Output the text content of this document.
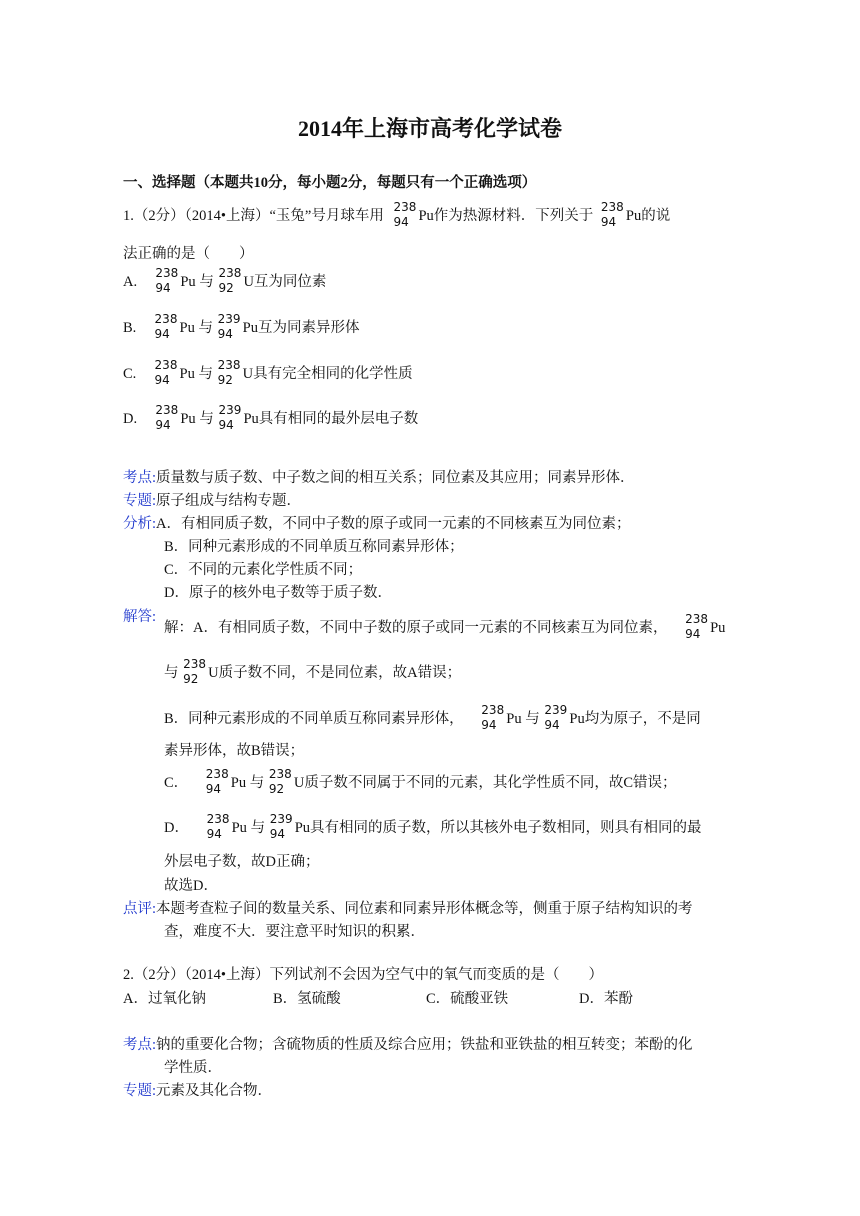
2014年上海市高考化学试卷
一、选择题（本题共10分，每小题2分，每题只有一个正确选项）
1.（2分）（2014•上海）“玉兔”号月球车用
238
94 Pu作为热源材料．下列关于
238
94 Pu的说
法正确的是（　　）
A.
238
94 Pu 与
238
92 U互为同位素
B.
238
94 Pu 与
239
94 Pu互为同素异形体
C.
238
94 Pu 与
238
92 U具有完全相同的化学性质
D.
238
94 Pu 与
239
94 Pu具有相同的最外层电子数
考点:质量数与质子数、中子数之间的相互关系；同位素及其应用；同素异形体．
专题:原子组成与结构专题．
分析:A．有相同质子数，不同中子数的原子或同一元素的不同核素互为同位素；
B．同种元素形成的不同单质互称同素异形体；
C．不同的元素化学性质不同；
D．原子的核外电子数等于质子数．
解答:
解：A．有相同质子数，不同中子数的原子或同一元素的不同核素互为同位素，
238
94 Pu
与
238
92 U质子数不同，不是同位素，故A错误；
B．同种元素形成的不同单质互称同素异形体，
238
94 Pu 与
239
94 Pu均为原子，不是同
素异形体，故B错误；
C．
238
94 Pu 与
238
92 U质子数不同属于不同的元素，其化学性质不同，故C错误；
D．
238
94 Pu 与
239
94 Pu具有相同的质子数，所以其核外电子数相同，则具有相同的最
外层电子数，故D正确；
故选D．
点评:本题考查粒子间的数量关系、同位素和同素异形体概念等，侧重于原子结构知识的考
查，难度不大．要注意平时知识的积累．
2.（2分）（2014•上海）下列试剂不会因为空气中的氧气而变质的是（　　）
A．过氧化钠	B．氢硫酸	C．硫酸亚铁	D．苯酚
考点:钠的重要化合物；含硫物质的性质及综合应用；铁盐和亚铁盐的相互转变；苯酚的化
学性质．
专题:元素及其化合物．
